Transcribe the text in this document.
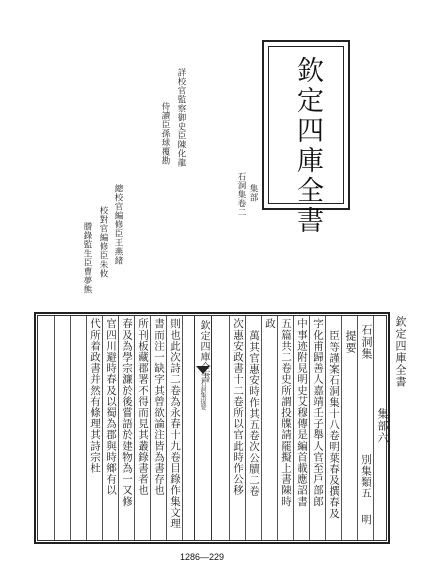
欽定四庫全書
集部
石洞集卷二
詳校官監察御史臣陳化龍
侍讀臣孫球覆勘
總校官編修臣王燕緒
校對官編修臣朱攸
謄錄監生臣曹夢熊
欽定四庫全書
集部六
石洞集
別集類五
明
提要
臣等謹案石洞集十八卷明葉春及撰春及
字化甫歸善人嘉靖壬子舉人官至戶部郎
中事迹附見明史艾穆傳是編首載應詔書
五篇共二卷史所謂投牒請罷擬上書陳時
政
萬其官惠安時作其五卷次公牘二卷
次惠安政書十二卷所以官此時作公移
欽定四庫全書
石洞集提要
則也此次詩二卷為永春十九卷目錄作集文理
書而注一缺字其曾欲論注皆為書存也
所刊板藏郡署不得而見其叢錄書者也
春及為學宗濂於後嘗語於建物為一又修
官四川避時春及以蜀為郡與時鄉有以
代所着政書并然有條理其詩宗杜
1286—229
